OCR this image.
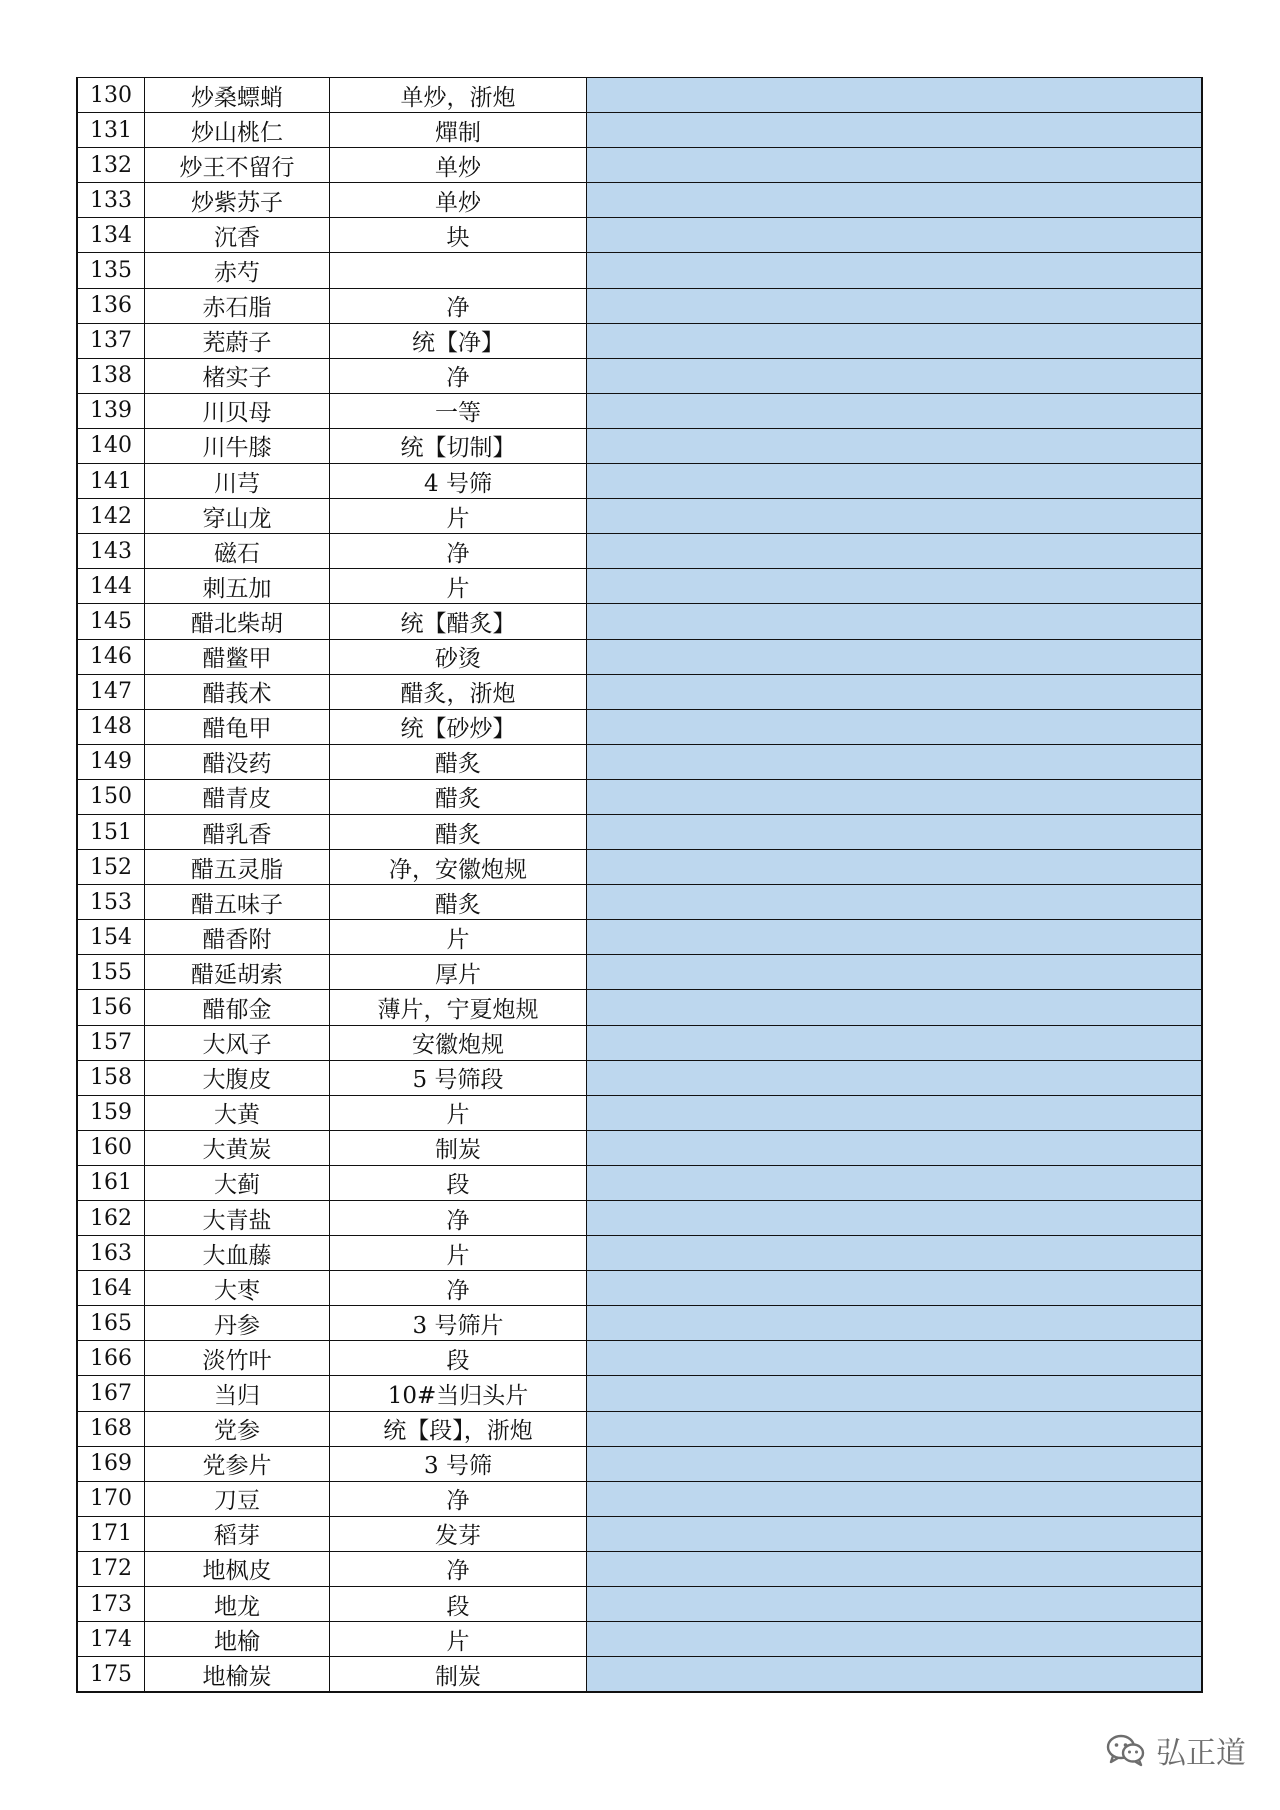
130	炒桑螵蛸	单炒，浙炮	
131	炒山桃仁	燀制	
132	炒王不留行	单炒	
133	炒紫苏子	单炒	
134	沉香	块	
135	赤芍		
136	赤石脂	净	
137	茺蔚子	统【净】	
138	楮实子	净	
139	川贝母	一等	
140	川牛膝	统【切制】	
141	川芎	4 号筛	
142	穿山龙	片	
143	磁石	净	
144	刺五加	片	
145	醋北柴胡	统【醋炙】	
146	醋鳖甲	砂烫	
147	醋莪术	醋炙，浙炮	
148	醋龟甲	统【砂炒】	
149	醋没药	醋炙	
150	醋青皮	醋炙	
151	醋乳香	醋炙	
152	醋五灵脂	净，安徽炮规	
153	醋五味子	醋炙	
154	醋香附	片	
155	醋延胡索	厚片	
156	醋郁金	薄片，宁夏炮规	
157	大风子	安徽炮规	
158	大腹皮	5 号筛段	
159	大黄	片	
160	大黄炭	制炭	
161	大蓟	段	
162	大青盐	净	
163	大血藤	片	
164	大枣	净	
165	丹参	3 号筛片	
166	淡竹叶	段	
167	当归	10#当归头片	
168	党参	统【段】，浙炮	
169	党参片	3 号筛	
170	刀豆	净	
171	稻芽	发芽	
172	地枫皮	净	
173	地龙	段	
174	地榆	片	
175	地榆炭	制炭	
弘正道
